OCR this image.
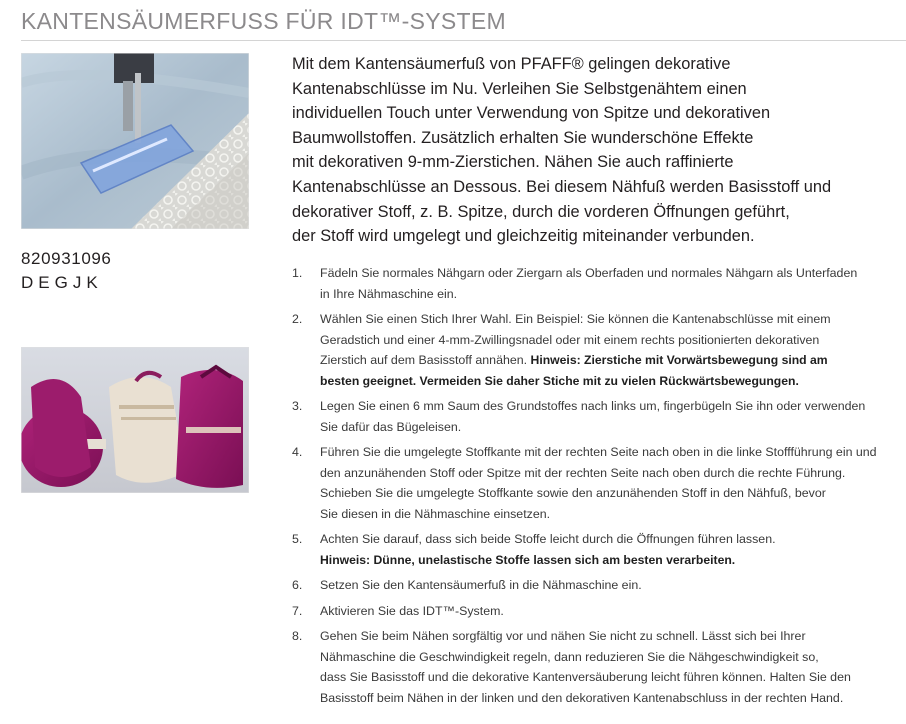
KANTENSÄUMERFUSS FÜR IDT™-SYSTEM
820931096
DEGJK

Mit dem Kantensäumerfuß von PFAFF® gelingen dekorative
Kantenabschlüsse im Nu. Verleihen Sie Selbstgenähtem einen
individuellen Touch unter Verwendung von Spitze und dekorativen
Baumwollstoffen. Zusätzlich erhalten Sie wunderschöne Effekte
mit dekorativen 9-mm-Zierstichen. Nähen Sie auch raffinierte
Kantenabschlüsse an Dessous. Bei diesem Nähfuß werden Basisstoff und
dekorativer Stoff, z. B. Spitze, durch die vorderen Öffnungen geführt,
der Stoff wird umgelegt und gleichzeitig miteinander verbunden.

1. Fädeln Sie normales Nähgarn oder Ziergarn als Oberfaden und normales Nähgarn als Unterfaden
in Ihre Nähmaschine ein.
2. Wählen Sie einen Stich Ihrer Wahl. Ein Beispiel: Sie können die Kantenabschlüsse mit einem
Geradstich und einer 4-mm-Zwillingsnadel oder mit einem rechts positionierten dekorativen
Zierstich auf dem Basisstoff annähen. Hinweis: Zierstiche mit Vorwärtsbewegung sind am
besten geeignet. Vermeiden Sie daher Stiche mit zu vielen Rückwärtsbewegungen.
3. Legen Sie einen 6 mm Saum des Grundstoffes nach links um, fingerbügeln Sie ihn oder verwenden
Sie dafür das Bügeleisen.
4. Führen Sie die umgelegte Stoffkante mit der rechten Seite nach oben in die linke Stoffführung ein und
den anzunähenden Stoff oder Spitze mit der rechten Seite nach oben durch die rechte Führung.
Schieben Sie die umgelegte Stoffkante sowie den anzunähenden Stoff in den Nähfuß, bevor
Sie diesen in die Nähmaschine einsetzen.
5. Achten Sie darauf, dass sich beide Stoffe leicht durch die Öffnungen führen lassen.
Hinweis: Dünne, unelastische Stoffe lassen sich am besten verarbeiten.
6. Setzen Sie den Kantensäumerfuß in die Nähmaschine ein.
7. Aktivieren Sie das IDT™-System.
8. Gehen Sie beim Nähen sorgfältig vor und nähen Sie nicht zu schnell. Lässt sich bei Ihrer
Nähmaschine die Geschwindigkeit regeln, dann reduzieren Sie die Nähgeschwindigkeit so,
dass Sie Basisstoff und die dekorative Kantenversäuberung leicht führen können. Halten Sie den
Basisstoff beim Nähen in der linken und den dekorativen Kantenabschluss in der rechten Hand.
